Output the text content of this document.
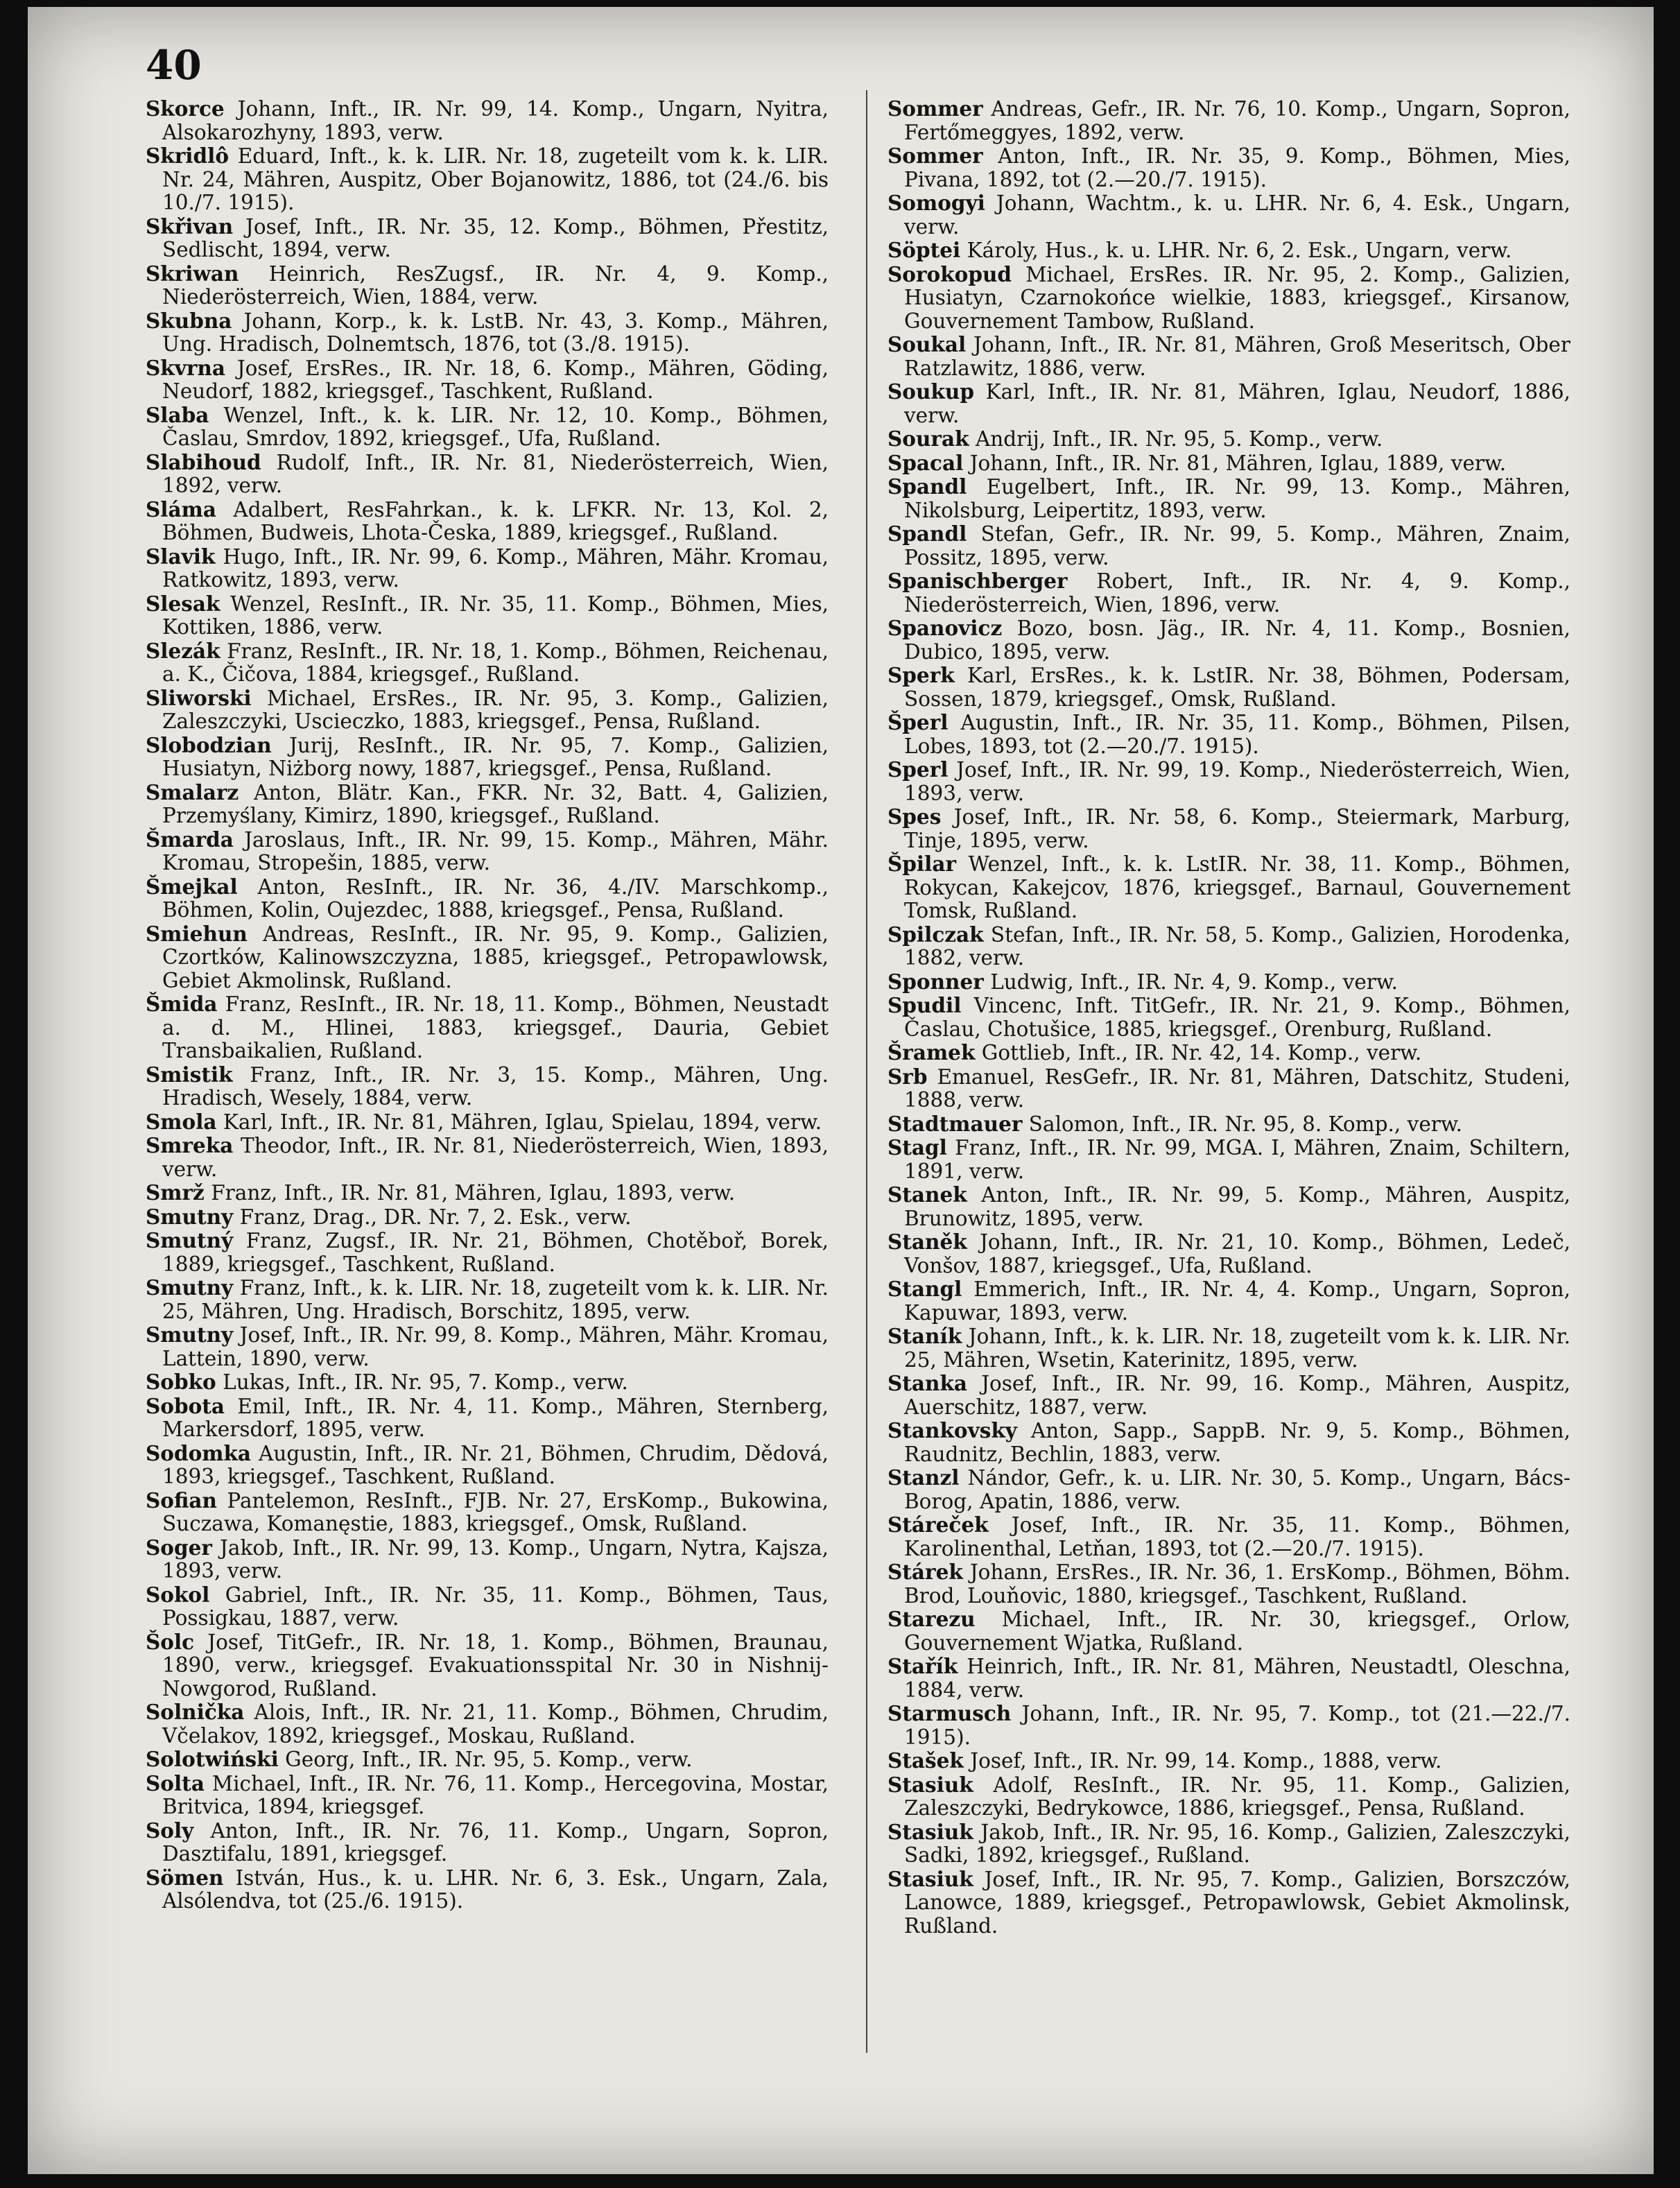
40

Skorce Johann, Inft., IR. Nr. 99, 14. Komp., Ungarn, Nyitra, Alsokarozhyny, 1893, verw.

Skridlô Eduard, Inft., k. k. LIR. Nr. 18, zugeteilt vom k. k. LIR. Nr. 24, Mähren, Auspitz, Ober Bojanowitz, 1886, tot (24./6. bis 10./7. 1915).

Skřivan Josef, Inft., IR. Nr. 35, 12. Komp., Böhmen, Přestitz, Sedlischt, 1894, verw.

Skriwan Heinrich, ResZugsf., IR. Nr. 4, 9. Komp., Niederösterreich, Wien, 1884, verw.

Skubna Johann, Korp., k. k. LstB. Nr. 43, 3. Komp., Mähren, Ung. Hradisch, Dolnemtsch, 1876, tot (3./8. 1915).

Skvrna Josef, ErsRes., IR. Nr. 18, 6. Komp., Mähren, Göding, Neudorf, 1882, kriegsgef., Taschkent, Rußland.

Slaba Wenzel, Inft., k. k. LIR. Nr. 12, 10. Komp., Böhmen, Časlau, Smrdov, 1892, kriegsgef., Ufa, Rußland.

Slabihoud Rudolf, Inft., IR. Nr. 81, Niederösterreich, Wien, 1892, verw.

Sláma Adalbert, ResFahrkan., k. k. LFKR. Nr. 13, Kol. 2, Böhmen, Budweis, Lhota-Česka, 1889, kriegsgef., Rußland.

Slavik Hugo, Inft., IR. Nr. 99, 6. Komp., Mähren, Mähr. Kromau, Ratkowitz, 1893, verw.

Slesak Wenzel, ResInft., IR. Nr. 35, 11. Komp., Böhmen, Mies, Kottiken, 1886, verw.

Slezák Franz, ResInft., IR. Nr. 18, 1. Komp., Böhmen, Reichenau, a. K., Čičova, 1884, kriegsgef., Rußland.

Sliworski Michael, ErsRes., IR. Nr. 95, 3. Komp., Galizien, Zaleszczyki, Uscieczko, 1883, kriegsgef., Pensa, Rußland.

Slobodzian Jurij, ResInft., IR. Nr. 95, 7. Komp., Galizien, Husiatyn, Niżborg nowy, 1887, kriegsgef., Pensa, Rußland.

Smalarz Anton, Blätr. Kan., FKR. Nr. 32, Batt. 4, Galizien, Przemyślany, Kimirz, 1890, kriegsgef., Rußland.

Šmarda Jaroslaus, Inft., IR. Nr. 99, 15. Komp., Mähren, Mähr. Kromau, Stropešin, 1885, verw.

Šmejkal Anton, ResInft., IR. Nr. 36, 4./IV. Marschkomp., Böhmen, Kolin, Oujezdec, 1888, kriegsgef., Pensa, Rußland.

Smiehun Andreas, ResInft., IR. Nr. 95, 9. Komp., Galizien, Czortków, Kalinowszczyzna, 1885, kriegsgef., Petropawlowsk, Gebiet Akmolinsk, Rußland.

Šmida Franz, ResInft., IR. Nr. 18, 11. Komp., Böhmen, Neustadt a. d. M., Hlinei, 1883, kriegsgef., Dauria, Gebiet Transbaikalien, Rußland.

Smistik Franz, Inft., IR. Nr. 3, 15. Komp., Mähren, Ung. Hradisch, Wesely, 1884, verw.

Smola Karl, Inft., IR. Nr. 81, Mähren, Iglau, Spielau, 1894, verw.

Smreka Theodor, Inft., IR. Nr. 81, Niederösterreich, Wien, 1893, verw.

Smrž Franz, Inft., IR. Nr. 81, Mähren, Iglau, 1893, verw.

Smutny Franz, Drag., DR. Nr. 7, 2. Esk., verw.

Smutný Franz, Zugsf., IR. Nr. 21, Böhmen, Chotěboř, Borek, 1889, kriegsgef., Taschkent, Rußland.

Smutny Franz, Inft., k. k. LIR. Nr. 18, zugeteilt vom k. k. LIR. Nr. 25, Mähren, Ung. Hradisch, Borschitz, 1895, verw.

Smutny Josef, Inft., IR. Nr. 99, 8. Komp., Mähren, Mähr. Kromau, Lattein, 1890, verw.

Sobko Lukas, Inft., IR. Nr. 95, 7. Komp., verw.

Sobota Emil, Inft., IR. Nr. 4, 11. Komp., Mähren, Sternberg, Markersdorf, 1895, verw.

Sodomka Augustin, Inft., IR. Nr. 21, Böhmen, Chrudim, Dědová, 1893, kriegsgef., Taschkent, Rußland.

Sofian Pantelemon, ResInft., FJB. Nr. 27, ErsKomp., Bukowina, Suczawa, Komanęstie, 1883, kriegsgef., Omsk, Rußland.

Soger Jakob, Inft., IR. Nr. 99, 13. Komp., Ungarn, Nytra, Kajsza, 1893, verw.

Sokol Gabriel, Inft., IR. Nr. 35, 11. Komp., Böhmen, Taus, Possigkau, 1887, verw.

Šolc Josef, TitGefr., IR. Nr. 18, 1. Komp., Böhmen, Braunau, 1890, verw., kriegsgef. Evakuationsspital Nr. 30 in Nishnij-Nowgorod, Rußland.

Solnička Alois, Inft., IR. Nr. 21, 11. Komp., Böhmen, Chrudim, Včelakov, 1892, kriegsgef., Moskau, Rußland.

Solotwiński Georg, Inft., IR. Nr. 95, 5. Komp., verw.

Solta Michael, Inft., IR. Nr. 76, 11. Komp., Hercegovina, Mostar, Britvica, 1894, kriegsgef.

Soly Anton, Inft., IR. Nr. 76, 11. Komp., Ungarn, Sopron, Dasztifalu, 1891, kriegsgef.

Sömen István, Hus., k. u. LHR. Nr. 6, 3. Esk., Ungarn, Zala, Alsólendva, tot (25./6. 1915).

Sommer Andreas, Gefr., IR. Nr. 76, 10. Komp., Ungarn, Sopron, Fertőmeggyes, 1892, verw.

Sommer Anton, Inft., IR. Nr. 35, 9. Komp., Böhmen, Mies, Pivana, 1892, tot (2.—20./7. 1915).

Somogyi Johann, Wachtm., k. u. LHR. Nr. 6, 4. Esk., Ungarn, verw.

Söptei Károly, Hus., k. u. LHR. Nr. 6, 2. Esk., Ungarn, verw.

Sorokopud Michael, ErsRes. IR. Nr. 95, 2. Komp., Galizien, Husiatyn, Czarnokońce wielkie, 1883, kriegsgef., Kirsanow, Gouvernement Tambow, Rußland.

Soukal Johann, Inft., IR. Nr. 81, Mähren, Groß Meseritsch, Ober Ratzlawitz, 1886, verw.

Soukup Karl, Inft., IR. Nr. 81, Mähren, Iglau, Neudorf, 1886, verw.

Sourak Andrij, Inft., IR. Nr. 95, 5. Komp., verw.

Spacal Johann, Inft., IR. Nr. 81, Mähren, Iglau, 1889, verw.

Spandl Eugelbert, Inft., IR. Nr. 99, 13. Komp., Mähren, Nikolsburg, Leipertitz, 1893, verw.

Spandl Stefan, Gefr., IR. Nr. 99, 5. Komp., Mähren, Znaim, Possitz, 1895, verw.

Spanischberger Robert, Inft., IR. Nr. 4, 9. Komp., Niederösterreich, Wien, 1896, verw.

Spanovicz Bozo, bosn. Jäg., IR. Nr. 4, 11. Komp., Bosnien, Dubico, 1895, verw.

Sperk Karl, ErsRes., k. k. LstIR. Nr. 38, Böhmen, Podersam, Sossen, 1879, kriegsgef., Omsk, Rußland.

Šperl Augustin, Inft., IR. Nr. 35, 11. Komp., Böhmen, Pilsen, Lobes, 1893, tot (2.—20./7. 1915).

Sperl Josef, Inft., IR. Nr. 99, 19. Komp., Niederösterreich, Wien, 1893, verw.

Spes Josef, Inft., IR. Nr. 58, 6. Komp., Steiermark, Marburg, Tinje, 1895, verw.

Špilar Wenzel, Inft., k. k. LstIR. Nr. 38, 11. Komp., Böhmen, Rokycan, Kakejcov, 1876, kriegsgef., Barnaul, Gouvernement Tomsk, Rußland.

Spilczak Stefan, Inft., IR. Nr. 58, 5. Komp., Galizien, Horodenka, 1882, verw.

Sponner Ludwig, Inft., IR. Nr. 4, 9. Komp., verw.

Spudil Vincenc, Inft. TitGefr., IR. Nr. 21, 9. Komp., Böhmen, Časlau, Chotušice, 1885, kriegsgef., Orenburg, Rußland.

Šramek Gottlieb, Inft., IR. Nr. 42, 14. Komp., verw.

Srb Emanuel, ResGefr., IR. Nr. 81, Mähren, Datschitz, Studeni, 1888, verw.

Stadtmauer Salomon, Inft., IR. Nr. 95, 8. Komp., verw.

Stagl Franz, Inft., IR. Nr. 99, MGA. I, Mähren, Znaim, Schiltern, 1891, verw.

Stanek Anton, Inft., IR. Nr. 99, 5. Komp., Mähren, Auspitz, Brunowitz, 1895, verw.

Staněk Johann, Inft., IR. Nr. 21, 10. Komp., Böhmen, Ledeč, Vonšov, 1887, kriegsgef., Ufa, Rußland.

Stangl Emmerich, Inft., IR. Nr. 4, 4. Komp., Ungarn, Sopron, Kapuwar, 1893, verw.

Staník Johann, Inft., k. k. LIR. Nr. 18, zugeteilt vom k. k. LIR. Nr. 25, Mähren, Wsetin, Katerinitz, 1895, verw.

Stanka Josef, Inft., IR. Nr. 99, 16. Komp., Mähren, Auspitz, Auerschitz, 1887, verw.

Stankovsky Anton, Sapp., SappB. Nr. 9, 5. Komp., Böhmen, Raudnitz, Bechlin, 1883, verw.

Stanzl Nándor, Gefr., k. u. LIR. Nr. 30, 5. Komp., Ungarn, Bács-Borog, Apatin, 1886, verw.

Stáreček Josef, Inft., IR. Nr. 35, 11. Komp., Böhmen, Karolinenthal, Letňan, 1893, tot (2.—20./7. 1915).

Stárek Johann, ErsRes., IR. Nr. 36, 1. ErsKomp., Böhmen, Böhm. Brod, Louňovic, 1880, kriegsgef., Taschkent, Rußland.

Starezu Michael, Inft., IR. Nr. 30, kriegsgef., Orlow, Gouvernement Wjatka, Rußland.

Stařík Heinrich, Inft., IR. Nr. 81, Mähren, Neustadtl, Oleschna, 1884, verw.

Starmusch Johann, Inft., IR. Nr. 95, 7. Komp., tot (21.—22./7. 1915).

Stašek Josef, Inft., IR. Nr. 99, 14. Komp., 1888, verw.

Stasiuk Adolf, ResInft., IR. Nr. 95, 11. Komp., Galizien, Zaleszczyki, Bedrykowce, 1886, kriegsgef., Pensa, Rußland.

Stasiuk Jakob, Inft., IR. Nr. 95, 16. Komp., Galizien, Zaleszczyki, Sadki, 1892, kriegsgef., Rußland.

Stasiuk Josef, Inft., IR. Nr. 95, 7. Komp., Galizien, Borszczów, Lanowce, 1889, kriegsgef., Petropawlowsk, Gebiet Akmolinsk, Rußland.
